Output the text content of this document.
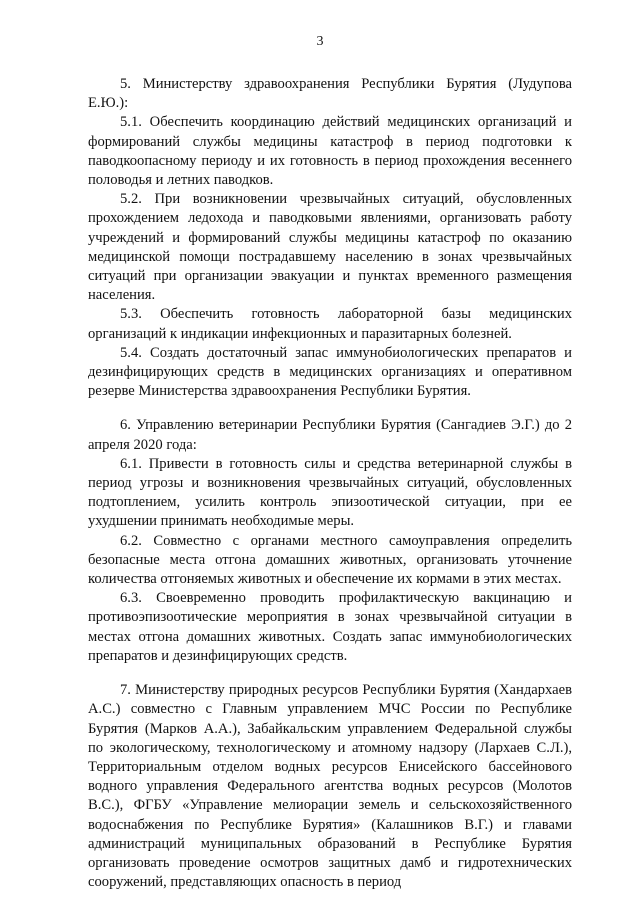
3

5. Министерству здравоохранения Республики Бурятия (Лудупова Е.Ю.):

5.1. Обеспечить координацию действий медицинских организаций и формирований службы медицины катастроф в период подготовки к паводкоопасному периоду и их готовность в период прохождения весеннего половодья и летних паводков.

5.2. При возникновении чрезвычайных ситуаций, обусловленных прохождением ледохода и паводковыми явлениями, организовать работу учреждений и формирований службы медицины катастроф по оказанию медицинской помощи пострадавшему населению в зонах чрезвычайных ситуаций при организации эвакуации и пунктах временного размещения населения.

5.3. Обеспечить готовность лабораторной базы медицинских организаций к индикации инфекционных и паразитарных болезней.

5.4. Создать достаточный запас иммунобиологических препаратов и дезинфицирующих средств в медицинских организациях и оперативном резерве Министерства здравоохранения Республики Бурятия.

6. Управлению ветеринарии Республики Бурятия (Сангадиев Э.Г.) до 2 апреля 2020 года:

6.1. Привести в готовность силы и средства ветеринарной службы в период угрозы и возникновения чрезвычайных ситуаций, обусловленных подтоплением, усилить контроль эпизоотической ситуации, при ее ухудшении принимать необходимые меры.

6.2. Совместно с органами местного самоуправления определить безопасные места отгона домашних животных, организовать уточнение количества отгоняемых животных и обеспечение их кормами в этих местах.

6.3. Своевременно проводить профилактическую вакцинацию и противоэпизоотические мероприятия в зонах чрезвычайной ситуации в местах отгона домашних животных. Создать запас иммунобиологических препаратов и дезинфицирующих средств.

7. Министерству природных ресурсов Республики Бурятия (Хандархаев А.С.) совместно с Главным управлением МЧС России по Республике Бурятия (Марков А.А.), Забайкальским управлением Федеральной службы по экологическому, технологическому и атомному надзору (Лархаев С.Л.), Территориальным отделом водных ресурсов Енисейского бассейнового водного управления Федерального агентства водных ресурсов (Молотов В.С.), ФГБУ «Управление мелиорации земель и сельскохозяйственного водоснабжения по Республике Бурятия» (Калашников В.Г.) и главами администраций муниципальных образований в Республике Бурятия организовать проведение осмотров защитных дамб и гидротехнических сооружений, представляющих опасность в период
